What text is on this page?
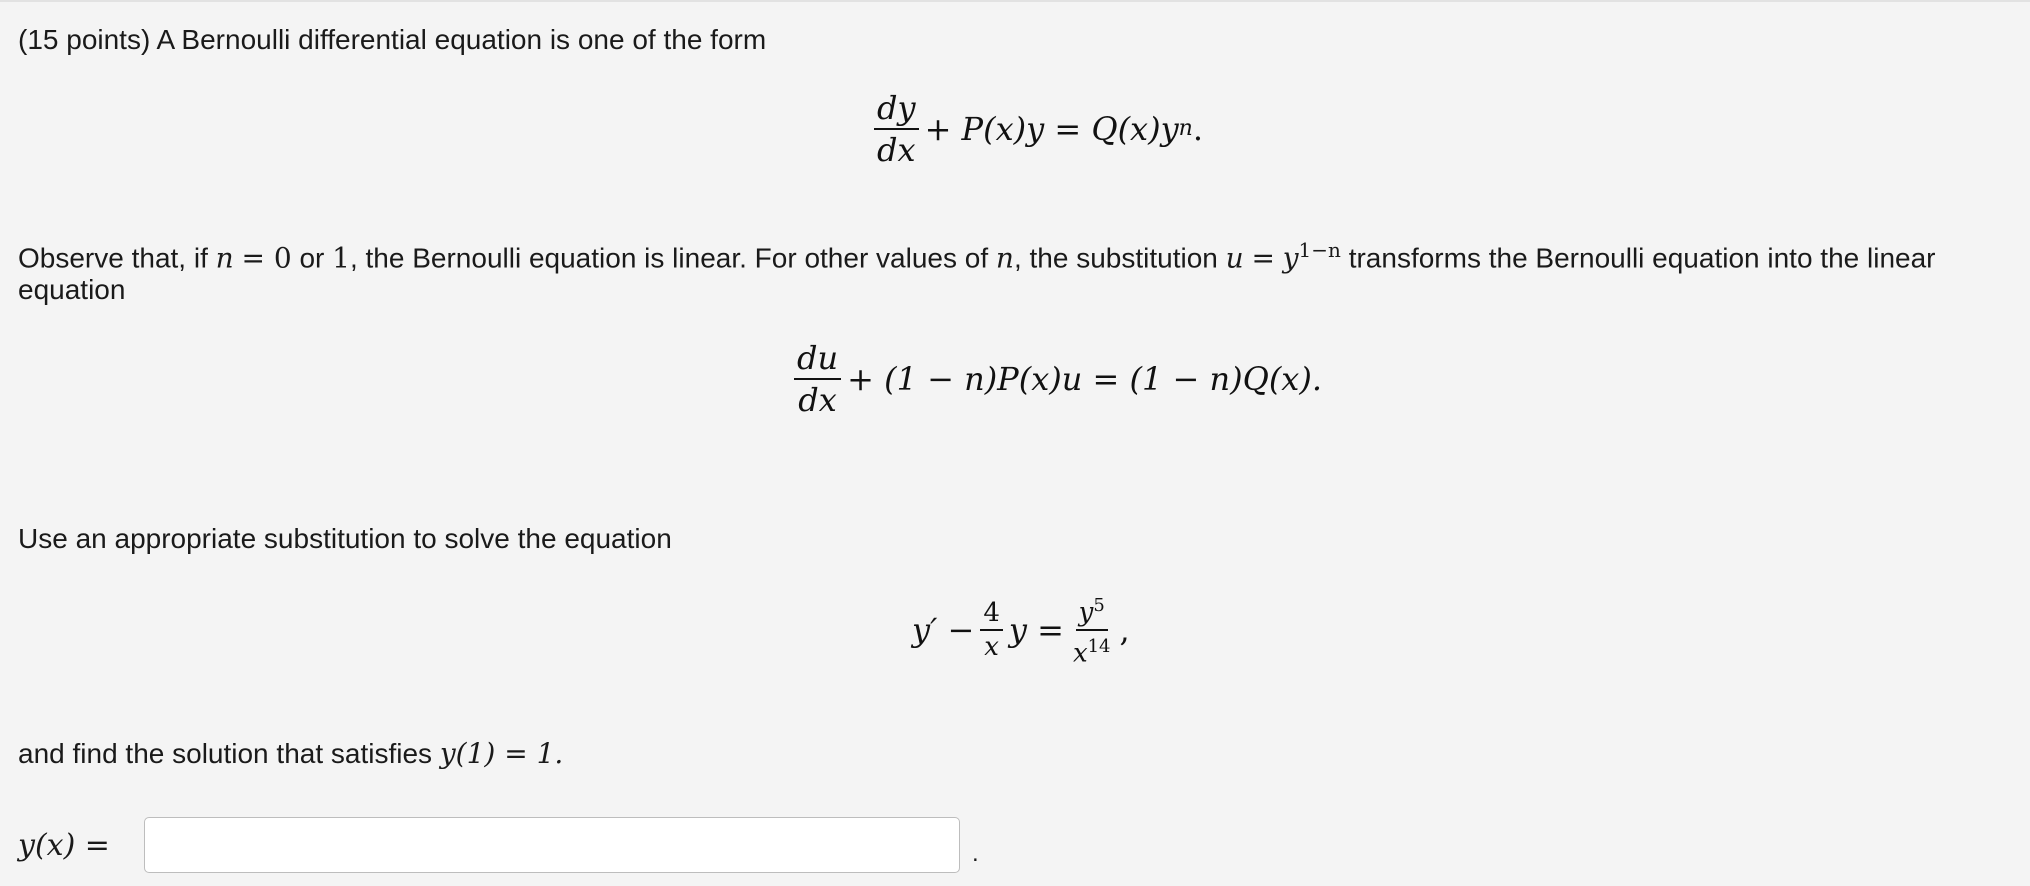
(15 points) A Bernoulli differential equation is one of the form
$\frac{dy}{dx} + P(x)y = Q(x)y$ n .
Observe that, if n = 0 or 1, the Bernoulli equation is linear. For other values of n, the substitution $u = y^{1-n}$ transforms the Bernoulli equation into the linear
equation
$\frac{du}{dx} + (1 - n)P(x)u = (1 - n)Q(x)$.
Use an appropriate substitution to solve the equation
$y' - \frac{4}{x}$ $y = \frac{y^5}{x^{14}}$ ,
and find the solution that satisfies y(1) = 1.
y(x) =	.
